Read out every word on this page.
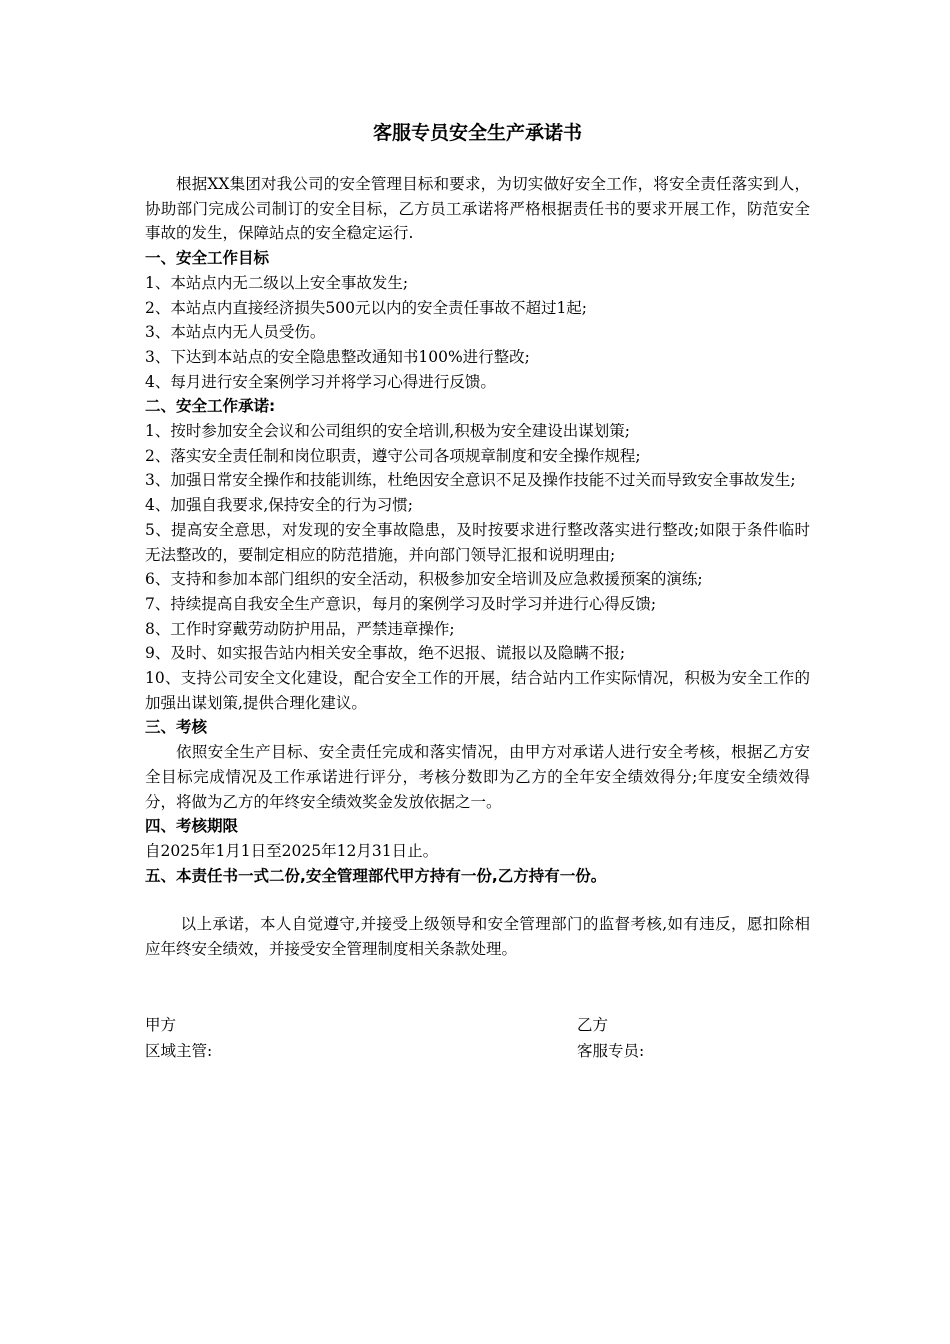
客服专员安全生产承诺书

根据XX集团对我公司的安全管理目标和要求，为切实做好安全工作，将安全责任落实到人，协助部门完成公司制订的安全目标，乙方员工承诺将严格根据责任书的要求开展工作，防范安全事故的发生，保障站点的安全稳定运行.

一、安全工作目标

1、本站点内无二级以上安全事故发生;

2、本站点内直接经济损失500元以内的安全责任事故不超过1起;

3、本站点内无人员受伤。

3、下达到本站点的安全隐患整改通知书100%进行整改;

4、每月进行安全案例学习并将学习心得进行反馈。

二、安全工作承诺:

1、按时参加安全会议和公司组织的安全培训,积极为安全建设出谋划策;

2、落实安全责任制和岗位职责，遵守公司各项规章制度和安全操作规程;

3、加强日常安全操作和技能训练，杜绝因安全意识不足及操作技能不过关而导致安全事故发生;

4、加强自我要求,保持安全的行为习惯;

5、提高安全意思，对发现的安全事故隐患，及时按要求进行整改落实进行整改;如限于条件临时无法整改的，要制定相应的防范措施，并向部门领导汇报和说明理由;

6、支持和参加本部门组织的安全活动，积极参加安全培训及应急救援预案的演练;

7、持续提高自我安全生产意识，每月的案例学习及时学习并进行心得反馈;

8、工作时穿戴劳动防护用品，严禁违章操作;

9、及时、如实报告站内相关安全事故，绝不迟报、谎报以及隐瞒不报;

10、支持公司安全文化建设，配合安全工作的开展，结合站内工作实际情况，积极为安全工作的加强出谋划策,提供合理化建议。

三、考核

依照安全生产目标、安全责任完成和落实情况，由甲方对承诺人进行安全考核，根据乙方安全目标完成情况及工作承诺进行评分，考核分数即为乙方的全年安全绩效得分;年度安全绩效得分，将做为乙方的年终安全绩效奖金发放依据之一。

四、考核期限

自2025年1月1日至2025年12月31日止。

五、本责任书一式二份,安全管理部代甲方持有一份,乙方持有一份。

以上承诺，本人自觉遵守,并接受上级领导和安全管理部门的监督考核,如有违反，愿扣除相应年终安全绩效，并接受安全管理制度相关条款处理。

甲方
区域主管:
乙方
客服专员:
